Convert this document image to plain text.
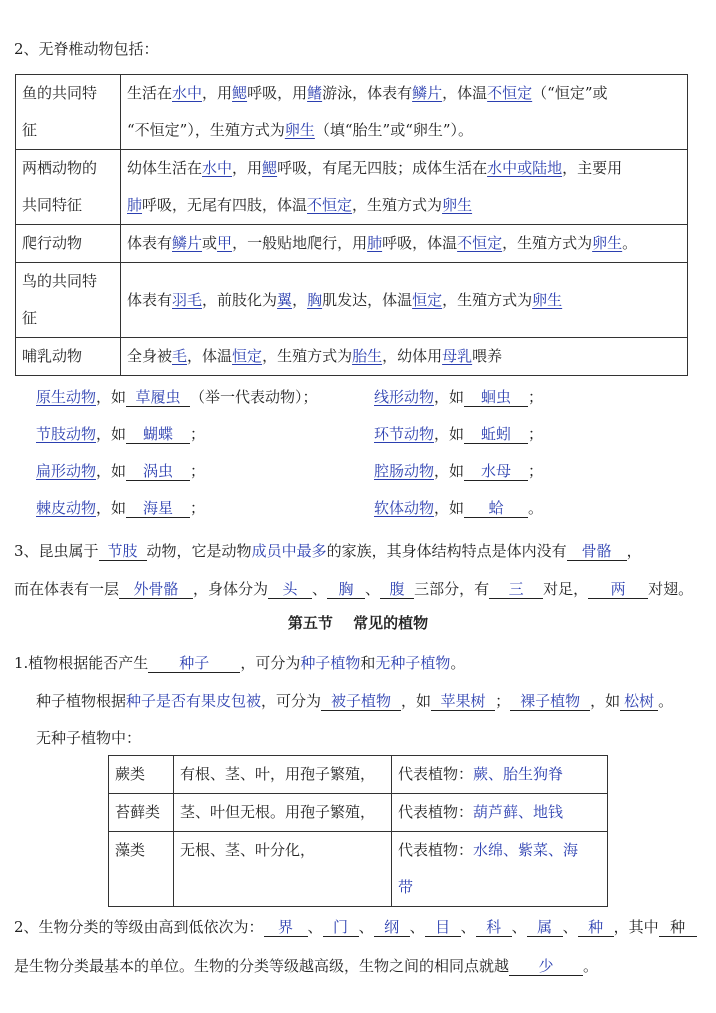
2、无脊椎动物包括：
鱼的共同特
征	生活在水中，用鳃呼吸，用鳍游泳，体表有鳞片，体温不恒定（“恒定”或
“不恒定”），生殖方式为卵生（填“胎生”或“卵生”）。
两栖动物的
共同特征	幼体生活在水中，用鳃呼吸，有尾无四肢；成体生活在水中或陆地，主要用
肺呼吸，无尾有四肢，体温不恒定，生殖方式为卵生
爬行动物	体表有鳞片或甲，一般贴地爬行，用肺呼吸，体温不恒定，生殖方式为卵生。
鸟的共同特
征	体表有羽毛，前肢化为翼，胸肌发达，体温恒定，生殖方式为卵生
哺乳动物	全身被毛，体温恒定，生殖方式为胎生，幼体用母乳喂养
原生动物，如 草履虫 （举一代表动物）；	线形动物，如 蛔虫 ；
节肢动物，如 蝴蝶 ；	环节动物，如 蚯蚓 ；
扁形动物，如 涡虫 ；	腔肠动物，如 水母 ；
棘皮动物，如 海星 ；	软体动物，如 蛤 。
3、昆虫属于 节肢 动物，它是动物成员中最多的家族，其身体结构特点是体内没有 骨骼 ，
而在体表有一层 外骨骼 ，身体分为 头 、 胸 、 腹 三部分，有 三 对足， 两 对翅。
第五节　 常见的植物
1.植物根据能否产生 种子 ，可分为种子植物和无种子植物。
种子植物根据种子是否有果皮包被，可分为 被子植物 ，如 苹果树 ； 裸子植物 ，如 松树 。
无种子植物中：
蕨类	有根、茎、叶，用孢子繁殖，	代表植物：蕨、胎生狗脊
苔藓类	茎、叶但无根。用孢子繁殖，	代表植物：葫芦藓、地钱
藻类	无根、茎、叶分化，	代表植物：水绵、紫菜、海
带
2、生物分类的等级由高到低依次为： 界 、 门 、 纲 、 目 、 科 、 属 、 种 ，其中 种
是生物分类最基本的单位。生物的分类等级越高级，生物之间的相同点就越 少 。
